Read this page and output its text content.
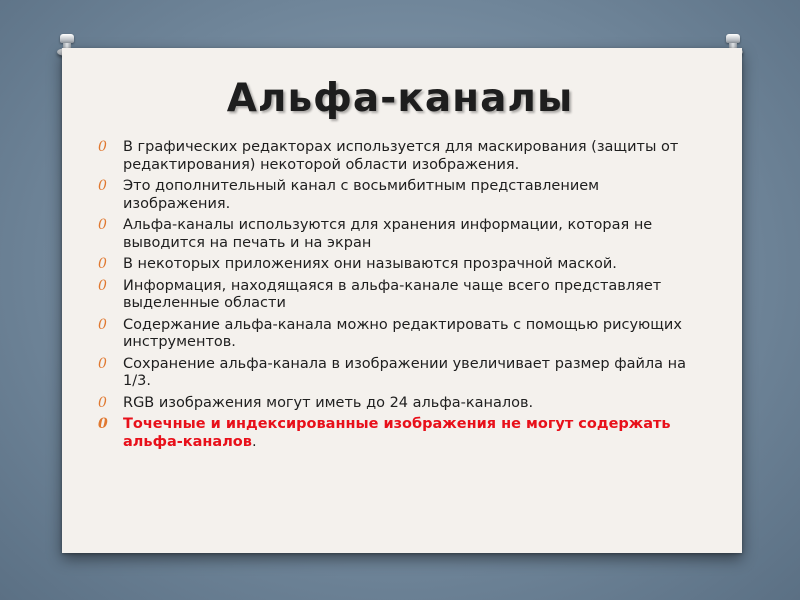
Альфа-каналы
0 В графических редакторах используется для маскирования (защиты от редактирования) некоторой области изображения.
0 Это дополнительный канал с восьмибитным представлением изображения.
0 Альфа-каналы используются для хранения информации, которая не выводится на печать и на экран
0 В некоторых приложениях они называются прозрачной маской.
0 Информация, находящаяся в альфа-канале чаще всего представляет выделенные области
0 Содержание альфа-канала можно редактировать с помощью рисующих инструментов.
0 Сохранение альфа-канала в изображении увеличивает размер файла на 1/3.
0 RGB изображения могут иметь до 24 альфа-каналов.
0 Точечные и индексированные изображения не могут содержать альфа-каналов.
